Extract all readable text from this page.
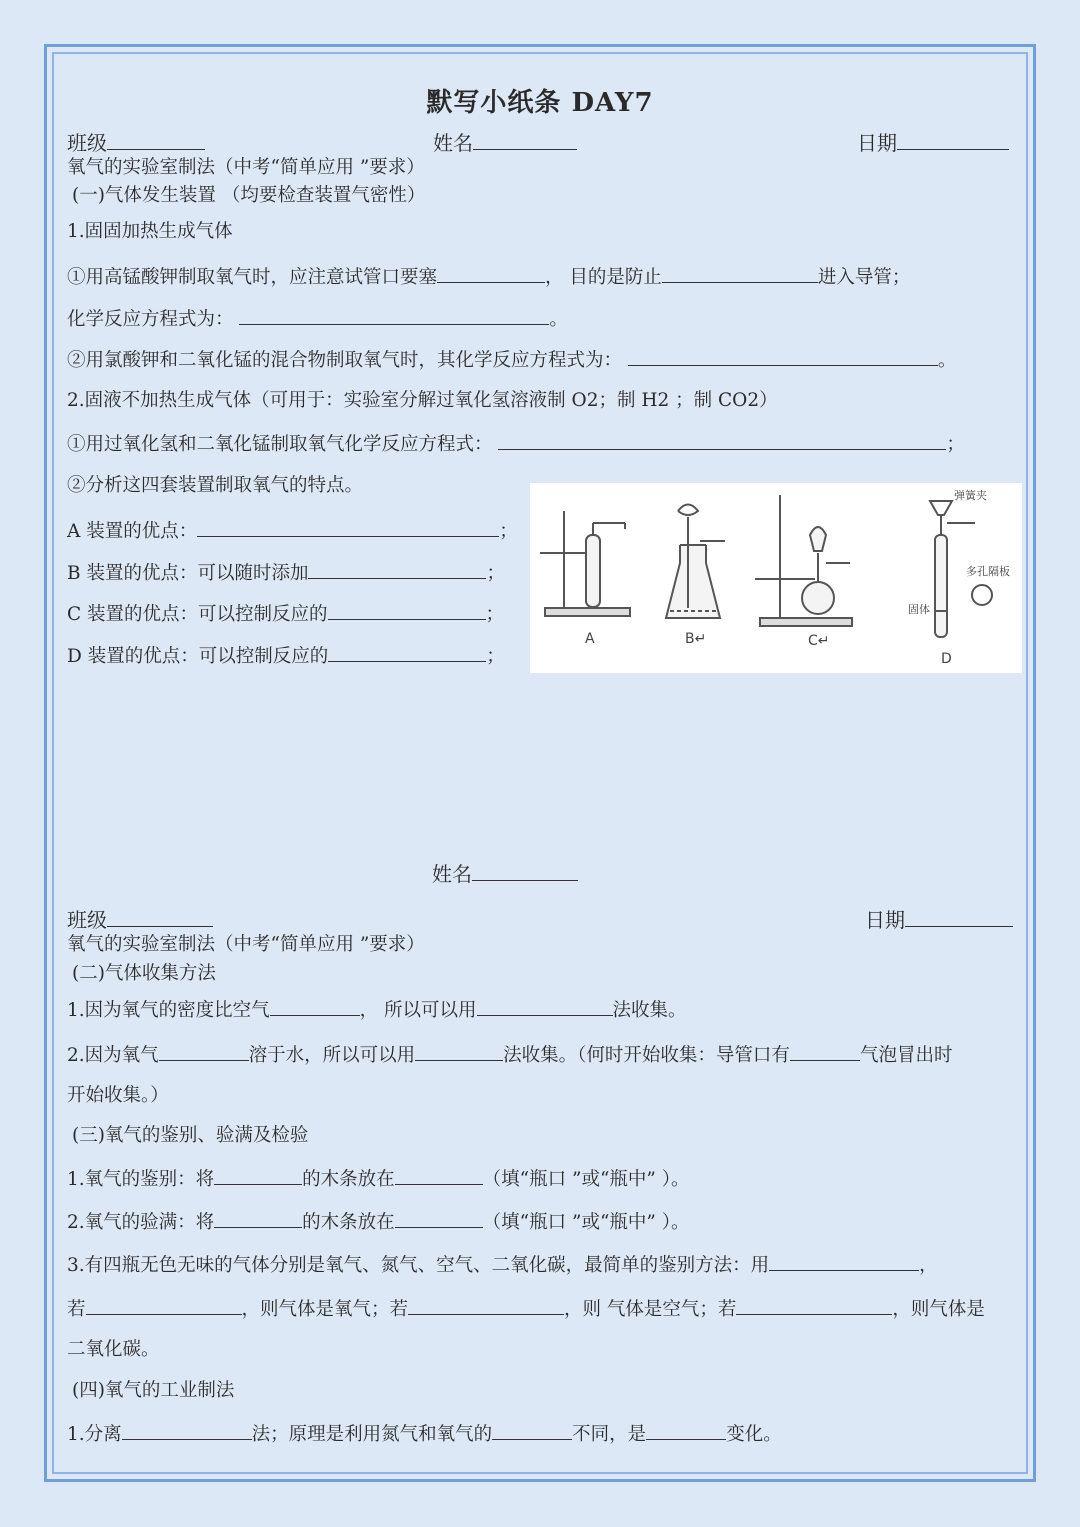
默写小纸条 DAY7
班级	姓名	日期
氧气的实验室制法（中考“简单应用 ”要求）
(一)气体发生装置 （均要检查装置气密性）
1.固固加热生成气体
①用高锰酸钾制取氧气时，应注意试管口要塞	， 目的是防止	进入导管；
化学反应方程式为：	。
②用氯酸钾和二氧化锰的混合物制取氧气时，其化学反应方程式为：	。
2.固液不加热生成气体（可用于：实验室分解过氧化氢溶液制 O2；制 H2 ；制 CO2）
①用过氧化氢和二氧化锰制取氧气化学反应方程式：	；
②分析这四套装置制取氧气的特点。
A 装置的优点：	；
B 装置的优点：可以随时添加	；
C 装置的优点：可以控制反应的	；
D 装置的优点：可以控制反应的	；
A	B↵	C↵
弹簧夹
多孔隔板
固体
D
姓名
班级	日期
氧气的实验室制法（中考“简单应用 ”要求）
(二)气体收集方法
1.因为氧气的密度比空气	， 所以可以用	法收集。
2.因为氧气	溶于水，所以可以用	法收集。（何时开始收集：导管口有	气泡冒出时
开始收集。）
(三)氧气的鉴别、验满及检验
1.氧气的鉴别：将	的木条放在	（填“瓶口 ”或“瓶中” ）。
2.氧气的验满：将	的木条放在	（填“瓶口 ”或“瓶中” ）。
3.有四瓶无色无味的气体分别是氧气、氮气、空气、二氧化碳，最简单的鉴别方法：用	，
若	，则气体是氧气；若	，则 气体是空气；若	，则气体是
二氧化碳。
(四)氧气的工业制法
1.分离	法；原理是利用氮气和氧气的	不同，是	变化。
